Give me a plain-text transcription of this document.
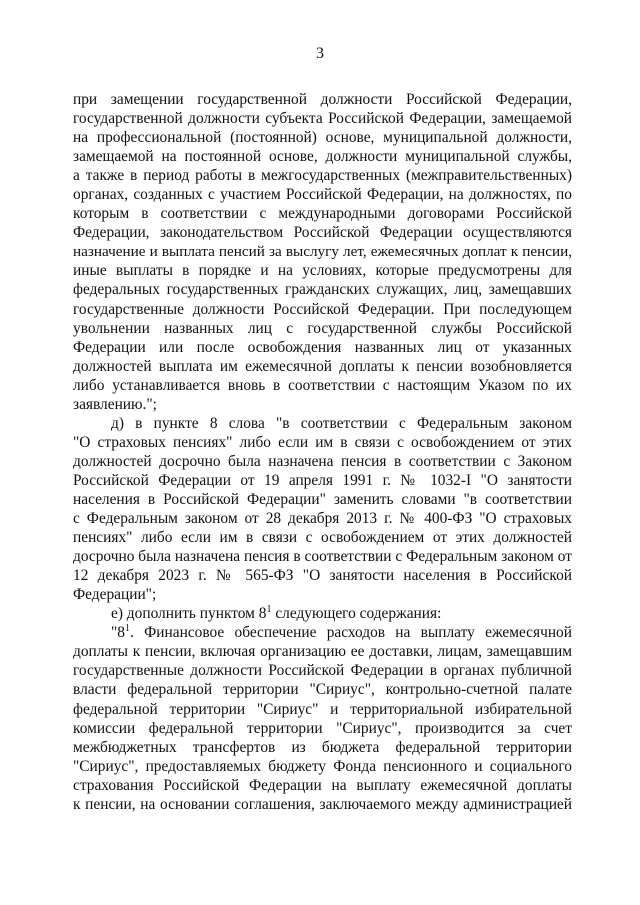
3
при замещении государственной должности Российской Федерации,
государственной должности субъекта Российской Федерации, замещаемой
на профессиональной (постоянной) основе, муниципальной должности,
замещаемой на постоянной основе, должности муниципальной службы,
а также в период работы в межгосударственных (межправительственных)
органах, созданных с участием Российской Федерации, на должностях, по
которым в соответствии с международными договорами Российской
Федерации, законодательством Российской Федерации осуществляются
назначение и выплата пенсий за выслугу лет, ежемесячных доплат к пенсии,
иные выплаты в порядке и на условиях, которые предусмотрены для
федеральных государственных гражданских служащих, лиц, замещавших
государственные должности Российской Федерации. При последующем
увольнении названных лиц с государственной службы Российской
Федерации или после освобождения названных лиц от указанных
должностей выплата им ежемесячной доплаты к пенсии возобновляется
либо устанавливается вновь в соответствии с настоящим Указом по их
заявлению.";
д) в пункте 8 слова "в соответствии с Федеральным законом
"О страховых пенсиях" либо если им в связи с освобождением от этих
должностей досрочно была назначена пенсия в соответствии с Законом
Российской Федерации от 19 апреля 1991 г. № 1032-I "О занятости
населения в Российской Федерации" заменить словами "в соответствии
с Федеральным законом от 28 декабря 2013 г. № 400-ФЗ "О страховых
пенсиях" либо если им в связи с освобождением от этих должностей
досрочно была назначена пенсия в соответствии с Федеральным законом от
12 декабря 2023 г. № 565-ФЗ "О занятости населения в Российской
Федерации";
е) дополнить пунктом $8^1$ следующего содержания:
"$8^1$. Финансовое обеспечение расходов на выплату ежемесячной
доплаты к пенсии, включая организацию ее доставки, лицам, замещавшим
государственные должности Российской Федерации в органах публичной
власти федеральной территории "Сириус", контрольно-счетной палате
федеральной территории "Сириус" и территориальной избирательной
комиссии федеральной территории "Сириус", производится за счет
межбюджетных трансфертов из бюджета федеральной территории
"Сириус", предоставляемых бюджету Фонда пенсионного и социального
страхования Российской Федерации на выплату ежемесячной доплаты
к пенсии, на основании соглашения, заключаемого между администрацией
